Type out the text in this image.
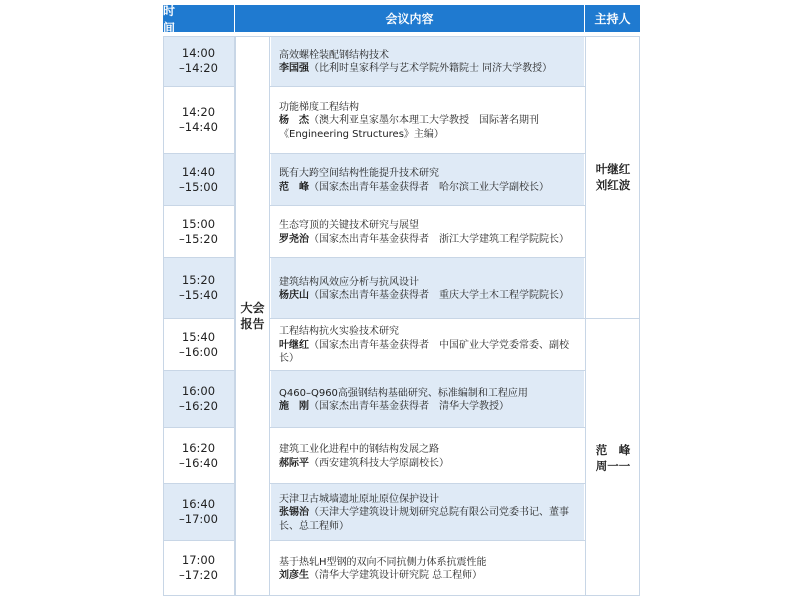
时　间
会议内容	主持人
17:00
–17:20
基于热轧H型钢的双向不同抗侧力体系抗震性能
刘彦生（清华大学建筑设计研究院 总工程师）
16:40
–17:00
天津卫古城墙遗址原址原位保护设计
张锡治（天津大学建筑设计规划研究总院有限公司党委书记、董事长、总工程师）
16:20
–16:40
建筑工业化进程中的钢结构发展之路
郝际平（西安建筑科技大学原副校长）
16:00
–16:20
Q460–Q960高强钢结构基础研究、标准编制和工程应用
施　刚（国家杰出青年基金获得者　清华大学教授）
15:40
–16:00
工程结构抗火实验技术研究
叶继红（国家杰出青年基金获得者　中国矿业大学党委常委、副校长）
15:20
–15:40
建筑结构风效应分析与抗风设计
杨庆山（国家杰出青年基金获得者　重庆大学土木工程学院院长）
15:00
–15:20
生态穹顶的关键技术研究与展望
罗尧治（国家杰出青年基金获得者　浙江大学建筑工程学院院长）
14:40
–15:00
既有大跨空间结构性能提升技术研究
范　峰（国家杰出青年基金获得者　哈尔滨工业大学副校长）
14:20
–14:40
功能梯度工程结构
杨　杰（澳大利亚皇家墨尔本理工大学教授　国际著名期刊《Engineering Structures》主编）
14:00
–14:20
高效螺栓装配钢结构技术
李国强（比利时皇家科学与艺术学院外籍院士 同济大学教授）
大会报告
叶继红
刘红波
范　峰
周一一
